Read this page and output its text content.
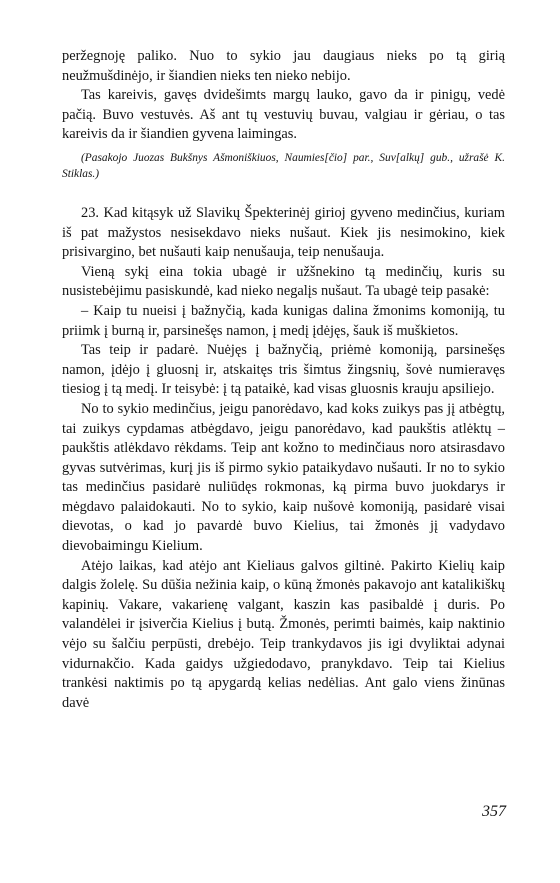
peržegnoję paliko. Nuo to sykio jau daugiaus nieks po tą girią neužmušdinėjo, ir šiandien nieks ten nieko nebijo.

Tas kareivis, gavęs dvidešimts margų lauko, gavo da ir pinigų, vedė pačią. Buvo vestuvės. Aš ant tų vestuvių buvau, valgiau ir gėriau, o tas kareivis da ir šiandien gyvena laimingas.

(Pasakojo Juozas Bukšnys Ašmoniškiuos, Naumies[čio] par., Suv[alkų] gub., užrašė K. Stiklas.)

23. Kad kitąsyk už Slavikų Špekterinėj girioj gyveno medinčius, kuriam iš pat mažystos nesisekdavo nieks nušaut. Kiek jis nesimokino, kiek prisivargino, bet nušauti kaip nenušauja, teip nenušauja.

Vieną sykį eina tokia ubagė ir užšnekino tą medinčių, kuris su nusistebėjimu pasiskundė, kad nieko negalįs nušaut. Ta ubagė teip pasakė:

– Kaip tu nueisi į bažnyčią, kada kunigas dalina žmonims komoniją, tu priimk į burną ir, parsinešęs namon, į medį įdėjęs, šauk iš muškietos.

Tas teip ir padarė. Nuėjęs į bažnyčią, priėmė komoniją, parsinešęs namon, įdėjo į gluosnį ir, atskaitęs tris šimtus žingsnių, šovė numieravęs tiesiog į tą medį. Ir teisybė: į tą pataikė, kad visas gluosnis krauju apsiliejo.

No to sykio medinčius, jeigu panorėdavo, kad koks zuikys pas jį atbėgtų, tai zuikys cypdamas atbėgdavo, jeigu panorėdavo, kad paukštis atlėktų – paukštis atlėkdavo rėkdams. Teip ant kožno to medinčiaus noro atsirasdavo gyvas sutvėrimas, kurį jis iš pirmo sykio pataikydavo nušauti. Ir no to sykio tas medinčius pasidarė nuliūdęs rokmonas, ką pirma buvo juokdarys ir mėgdavo palaidokauti. No to sykio, kaip nušovė komoniją, pasidarė visai dievotas, o kad jo pavardė buvo Kielius, tai žmonės jį vadydavo dievobaimingu Kielium.

Atėjo laikas, kad atėjo ant Kieliaus galvos giltinė. Pakirto Kielių kaip dalgis žolelę. Su dūšia nežinia kaip, o kūną žmonės pakavojo ant katalikiškų kapinių. Vakare, vakarienę valgant, kaszin kas pasibaldė į duris. Po valandėlei ir įsiverčia Kielius į butą. Žmonės, perimti baimės, kaip naktinio vėjo su šalčiu perpūsti, drebėjo. Teip trankydavos jis igi dvyliktai adynai vidurnakčio. Kada gaidys užgiedodavo, pranykdavo. Teip tai Kielius trankėsi naktimis po tą apygardą kelias nedėlias. Ant galo viens žinūnas davė

357
